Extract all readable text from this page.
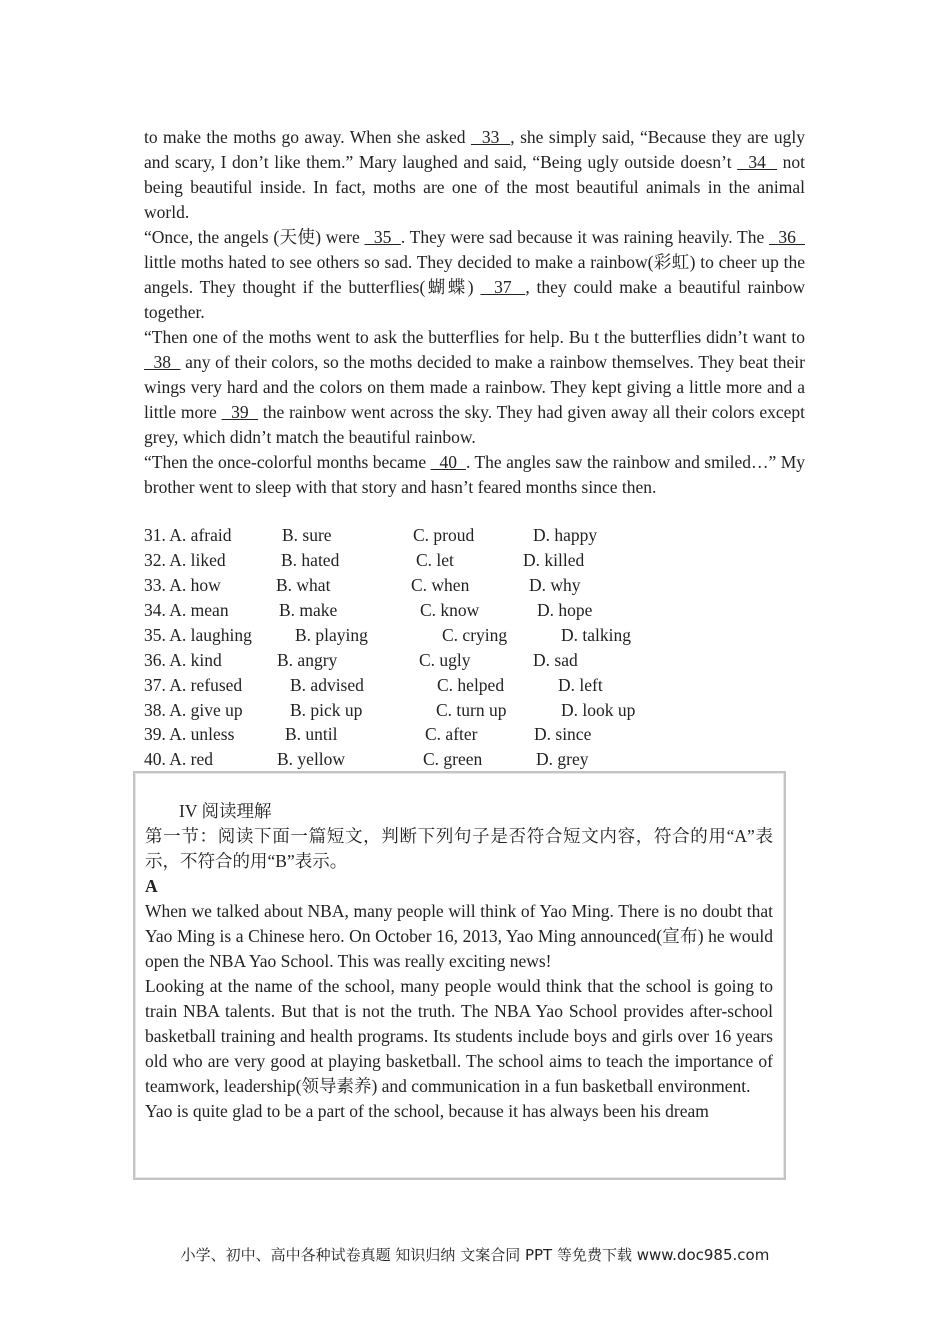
to make the moths go away. When she asked   33  , she simply said, “Because they are ugly and scary, I don’t like them.” Mary laughed and said, “Being ugly outside doesn’t   34   not being beautiful inside. In fact, moths are one of the most beautiful animals in the animal world.

“Once, the angels (天使) were   35  . They were sad because it was raining heavily. The   36   little moths hated to see others so sad. They decided to make a rainbow(彩虹) to cheer up the angels. They thought if the butterflies(蝴蝶)   37  , they could make a beautiful rainbow together.

“Then one of the moths went to ask the butterflies for help. Bu t the butterflies didn’t want to   38   any of their colors, so the moths decided to make a rainbow themselves. They beat their wings very hard and the colors on them made a rainbow. They kept giving a little more and a little more   39   the rainbow went across the sky. They had given away all their colors except grey, which didn’t match the beautiful rainbow.

“Then the once-colorful months became   40  . The angles saw the rainbow and smiled…” My brother went to sleep with that story and hasn’t feared months since then.

31. A. afraid	B. sure	C. proud	D. happy
32. A. liked	B. hated	C. let	D. killed
33. A. how	B. what	C. when	D. why
34. A. mean	B. make	C. know	D. hope
35. A. laughing B. playing	C. crying	D. talking
36. A. kind	B. angry	C. ugly	D. sad
37. A. refused	B. advised	C. helped	D. left
38. A. give up	B. pick up	C. turn up	D. look up
39. A. unless	B. until	C. after	D. since
40. A. red	B. yellow	C. green	D. grey

IV 阅读理解

第一节：阅读下面一篇短文，判断下列句子是否符合短文内容，符合的用“A”表示，不符合的用“B”表示。

A

When we talked about NBA, many people will think of Yao Ming. There is no doubt that Yao Ming is a Chinese hero. On October 16, 2013, Yao Ming announced(宣布) he would open the NBA Yao School. This was really exciting news!

Looking at the name of the school, many people would think that the school is going to train NBA talents. But that is not the truth. The NBA Yao School provides after-school basketball training and health programs. Its students include boys and girls over 16 years old who are very good at playing basketball. The school aims to teach the importance of teamwork, leadership(领导素养) and communication in a fun basketball environment.

Yao is quite glad to be a part of the school, because it has always been his dream

小学、初中、高中各种试卷真题 知识归纳 文案合同 PPT 等免费下载 www.doc985.com
